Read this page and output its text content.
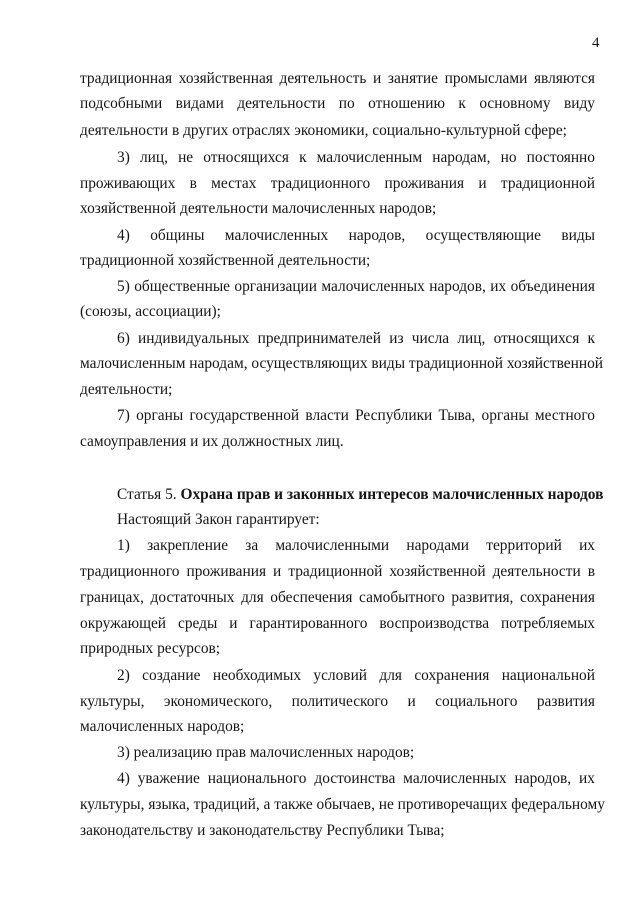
4
традиционная хозяйственная деятельность и занятие промыслами являются
подсобными видами деятельности по отношению к основному виду
деятельности в других отраслях экономики, социально-культурной сфере;
3) лиц, не относящихся к малочисленным народам, но постоянно
проживающих в местах традиционного проживания и традиционной
хозяйственной деятельности малочисленных народов;
4) общины малочисленных народов, осуществляющие виды
традиционной хозяйственной деятельности;
5) общественные организации малочисленных народов, их объединения
(союзы, ассоциации);
6) индивидуальных предпринимателей из числа лиц, относящихся к
малочисленным народам, осуществляющих виды традиционной хозяйственной
деятельности;
7) органы государственной власти Республики Тыва, органы местного
самоуправления и их должностных лиц.
Статья 5. Охрана прав и законных интересов малочисленных народов
Настоящий Закон гарантирует:
1) закрепление за малочисленными народами территорий их
традиционного проживания и традиционной хозяйственной деятельности в
границах, достаточных для обеспечения самобытного развития, сохранения
окружающей среды и гарантированного воспроизводства потребляемых
природных ресурсов;
2) создание необходимых условий для сохранения национальной
культуры, экономического, политического и социального развития
малочисленных народов;
3) реализацию прав малочисленных народов;
4) уважение национального достоинства малочисленных народов, их
культуры, языка, традиций, а также обычаев, не противоречащих федеральному
законодательству и законодательству Республики Тыва;
